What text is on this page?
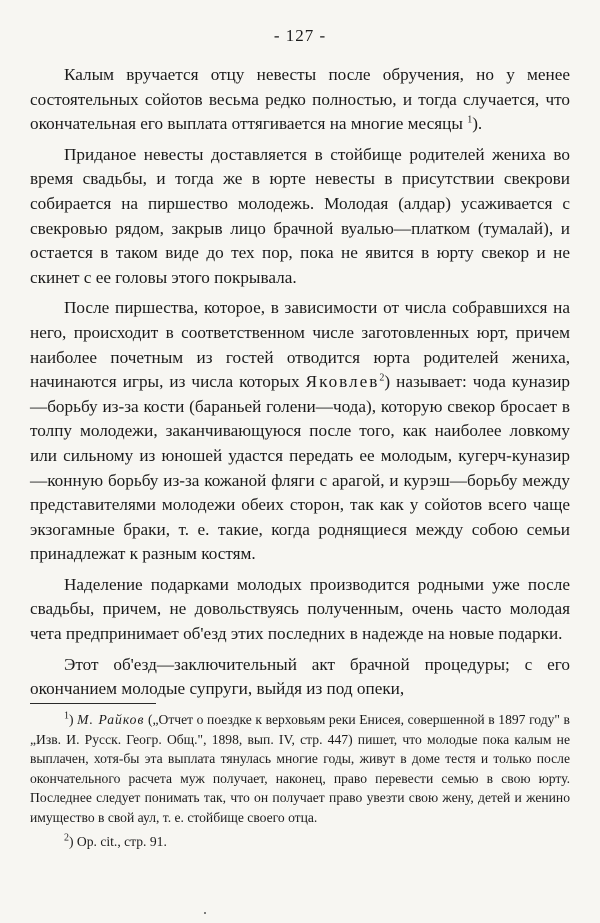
- 127 -

Калым вручается отцу невесты после обручения, но у менее состоятельных сойотов весьма редко полностью, и тогда случается, что окончательная его выплата оттягивается на многие месяцы $^1$).

Приданое невесты доставляется в стойбище родителей жениха во время свадьбы, и тогда же в юрте невесты в присутствии свекрови собирается на пиршество молодежь. Молодая (алдар) усаживается с свекровью рядом, закрыв лицо брачной вуалью—платком (тумалай), и остается в таком виде до тех пор, пока не явится в юрту свекор и не скинет с ее головы этого покрывала.

После пиршества, которое, в зависимости от числа собравшихся на него, происходит в соответственном числе заготовленных юрт, причем наиболее почетным из гостей отводится юрта родителей жениха, начинаются игры, из числа которых Яковлев$^2$) называет: чода куназир—борьбу из-за кости (бараньей голени—чода), которую свекор бросает в толпу молодежи, заканчивающуюся после того, как наиболее ловкому или сильному из юношей удастся передать ее молодым, кугерч-куназир—конную борьбу из-за кожаной фляги с арагой, и курэш—борьбу между представителями молодежи обеих сторон, так как у сойотов всего чаще экзогамные браки, т. е. такие, когда роднящиеся между собою семьи принадлежат к разным костям.

Наделение подарками молодых производится родными уже после свадьбы, причем, не довольствуясь полученным, очень часто молодая чета предпринимает об'езд этих последних в надежде на новые подарки.

Этот об'езд—заключительный акт брачной процедуры; с его окончанием молодые супруги, выйдя из под опеки,

$^1$) М. Райков („Отчет о поездке к верховьям реки Енисея, совершенной в 1897 году" в „Изв. И. Русск. Геогр. Общ.", 1898, вып. IV, стр. 447) пишет, что молодые пока калым не выплачен, хотя-бы эта выплата тянулась многие годы, живут в доме тестя и только после окончательного расчета муж получает, наконец, право перевести семью в свою юрту. Последнее следует понимать так, что он получает право увезти свою жену, детей и женино имущество в свой аул, т. е. стойбище своего отца.

$^2$) Op. cit., стр. 91.
